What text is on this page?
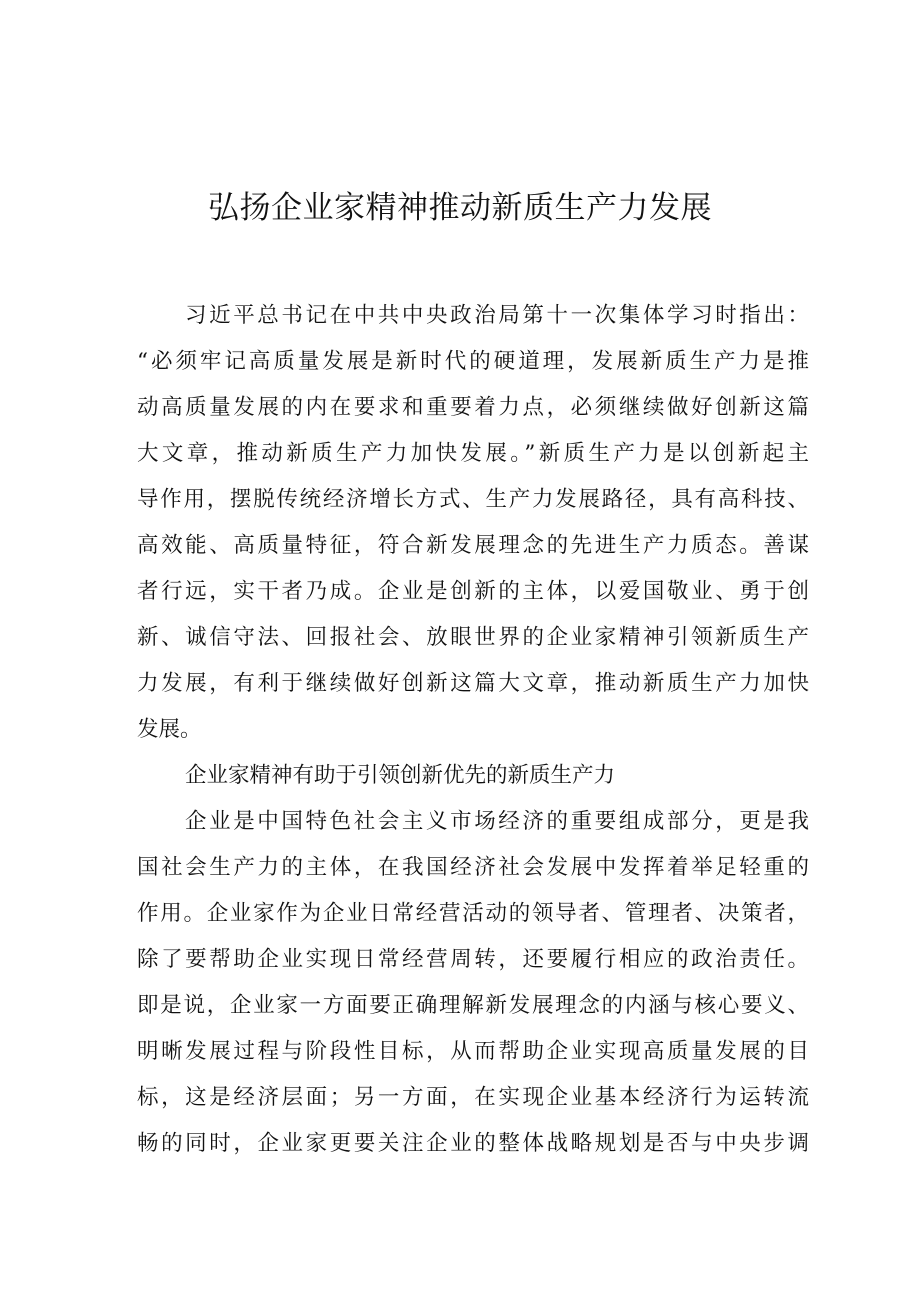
弘扬企业家精神推动新质生产力发展
习近平总书记在中共中央政治局第十一次集体学习时指出：
“必须牢记高质量发展是新时代的硬道理，发展新质生产力是推
动高质量发展的内在要求和重要着力点，必须继续做好创新这篇
大文章，推动新质生产力加快发展。”新质生产力是以创新起主
导作用，摆脱传统经济增长方式、生产力发展路径，具有高科技、
高效能、高质量特征，符合新发展理念的先进生产力质态。善谋
者行远，实干者乃成。企业是创新的主体，以爱国敬业、勇于创
新、诚信守法、回报社会、放眼世界的企业家精神引领新质生产
力发展，有利于继续做好创新这篇大文章，推动新质生产力加快
发展。
企业家精神有助于引领创新优先的新质生产力
企业是中国特色社会主义市场经济的重要组成部分，更是我
国社会生产力的主体，在我国经济社会发展中发挥着举足轻重的
作用。企业家作为企业日常经营活动的领导者、管理者、决策者，
除了要帮助企业实现日常经营周转，还要履行相应的政治责任。
即是说，企业家一方面要正确理解新发展理念的内涵与核心要义、
明晰发展过程与阶段性目标，从而帮助企业实现高质量发展的目
标，这是经济层面；另一方面，在实现企业基本经济行为运转流
畅的同时，企业家更要关注企业的整体战略规划是否与中央步调
